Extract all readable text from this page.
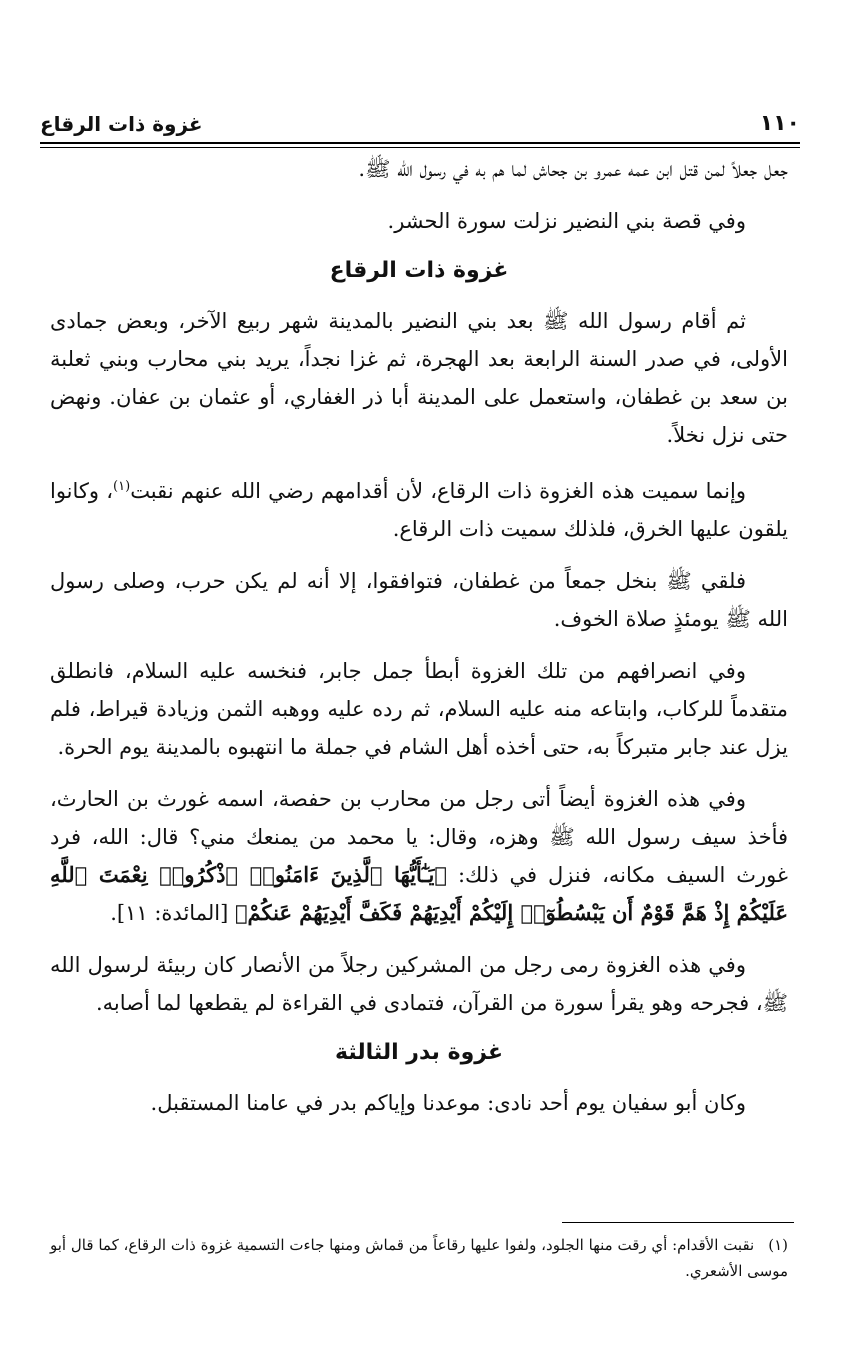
١١٠
غزوة ذات الرقاع

جعل جعلاً لمن قتل ابن عمه عمرو بن جحاش لما هم به في رسول الله ﷺ.

وفي قصة بني النضير نزلت سورة الحشر.

غزوة ذات الرقاع

ثم أقام رسول الله ﷺ بعد بني النضير بالمدينة شهر ربيع الآخر، وبعض جمادى الأولى، في صدر السنة الرابعة بعد الهجرة، ثم غزا نجداً، يريد بني محارب وبني ثعلبة بن سعد بن غطفان، واستعمل على المدينة أبا ذر الغفاري، أو عثمان بن عفان. ونهض حتى نزل نخلاً.

وإنما سميت هذه الغزوة ذات الرقاع، لأن أقدامهم رضي الله عنهم نقبت$^{(١)}$، وكانوا يلقون عليها الخرق، فلذلك سميت ذات الرقاع.

فلقي ﷺ بنخل جمعاً من غطفان، فتوافقوا، إلا أنه لم يكن حرب، وصلى رسول الله ﷺ يومئذٍ صلاة الخوف.

وفي انصرافهم من تلك الغزوة أبطأ جمل جابر، فنخسه عليه السلام، فانطلق متقدماً للركاب، وابتاعه منه عليه السلام، ثم رده عليه ووهبه الثمن وزيادة قيراط، فلم يزل عند جابر متبركاً به، حتى أخذه أهل الشام في جملة ما انتهبوه بالمدينة يوم الحرة.

وفي هذه الغزوة أيضاً أتى رجل من محارب بن حفصة، اسمه غورث بن الحارث، فأخذ سيف رسول الله ﷺ وهزه، وقال: يا محمد من يمنعك مني؟ قال: الله، فرد غورث السيف مكانه، فنزل في ذلك: ﴿يَـٰٓأَيُّهَا ٱلَّذِينَ ءَامَنُوا۟ ٱذْكُرُوا۟ نِعْمَتَ ٱللَّهِ عَلَيْكُمْ إِذْ هَمَّ قَوْمٌ أَن يَبْسُطُوٓا۟ إِلَيْكُمْ أَيْدِيَهُمْ فَكَفَّ أَيْدِيَهُمْ عَنكُمْ﴾ [المائدة: ١١].

وفي هذه الغزوة رمى رجل من المشركين رجلاً من الأنصار كان ربيئة لرسول الله ﷺ، فجرحه وهو يقرأ سورة من القرآن، فتمادى في القراءة لم يقطعها لما أصابه.

غزوة بدر الثالثة

وكان أبو سفيان يوم أحد نادى: موعدنا وإياكم بدر في عامنا المستقبل.

(١)نقبت الأقدام: أي رقت منها الجلود، ولفوا عليها رقاعاً من قماش ومنها جاءت التسمية غزوة ذات الرقاع، كما قال أبو موسى الأشعري.
